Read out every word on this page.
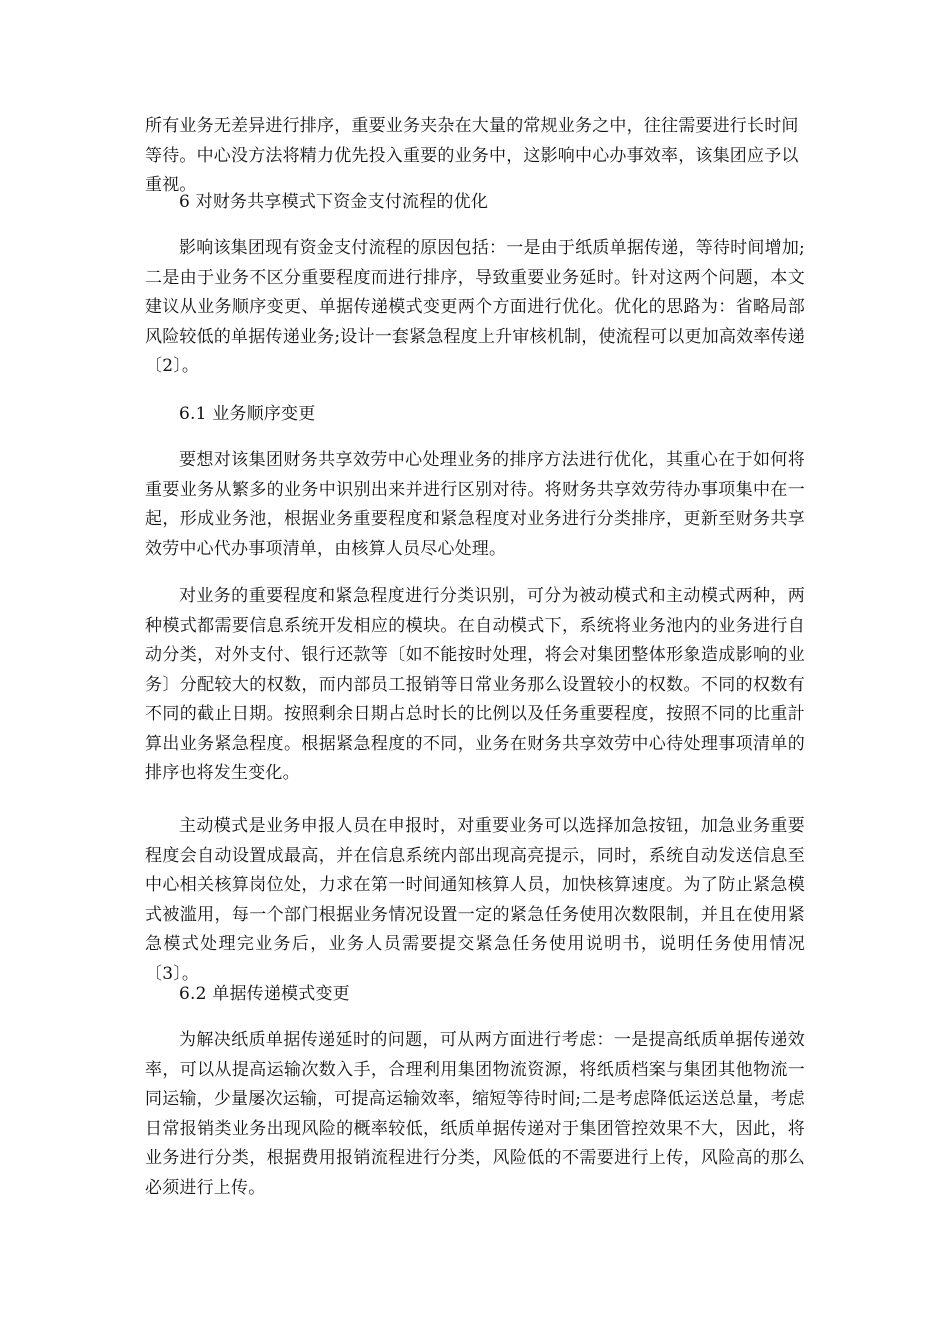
所有业务无差异进行排序，重要业务夹杂在大量的常规业务之中，往往需要进行长时间等待。中心没方法将精力优先投入重要的业务中，这影响中心办事效率，该集团应予以重视。
6 对财务共享模式下资金支付流程的优化
影响该集团现有资金支付流程的原因包括：一是由于纸质单据传递，等待时间增加;二是由于业务不区分重要程度而进行排序，导致重要业务延时。针对这两个问题，本文建议从业务顺序变更、单据传递模式变更两个方面进行优化。优化的思路为：省略局部风险较低的单据传递业务;设计一套紧急程度上升审核机制，使流程可以更加高效率传递〔2〕。
6.1 业务顺序变更
要想对该集团财务共享效劳中心处理业务的排序方法进行优化，其重心在于如何将重要业务从繁多的业务中识别出来并进行区别对待。将财务共享效劳待办事项集中在一起，形成业务池，根据业务重要程度和紧急程度对业务进行分类排序，更新至财务共享效劳中心代办事项清单，由核算人员尽心处理。
对业务的重要程度和紧急程度进行分类识别，可分为被动模式和主动模式两种，两种模式都需要信息系统开发相应的模块。在自动模式下，系统将业务池内的业务进行自动分类，对外支付、银行还款等〔如不能按时处理，将会对集团整体形象造成影响的业务〕分配较大的权数，而内部员工报销等日常业务那么设置较小的权数。不同的权数有不同的截止日期。按照剩余日期占总时长的比例以及任务重要程度，按照不同的比重計算出业务紧急程度。根据紧急程度的不同，业务在财务共享效劳中心待处理事项清单的排序也将发生变化。
主动模式是业务申报人员在申报时，对重要业务可以选择加急按钮，加急业务重要程度会自动设置成最高，并在信息系统内部出现高亮提示，同时，系统自动发送信息至中心相关核算岗位处，力求在第一时间通知核算人员，加快核算速度。为了防止紧急模式被滥用，每一个部门根据业务情况设置一定的紧急任务使用次数限制，并且在使用紧急模式处理完业务后，业务人员需要提交紧急任务使用说明书，说明任务使用情况〔3〕。
6.2 单据传递模式变更
为解决纸质单据传递延时的问题，可从两方面进行考虑：一是提高纸质单据传递效率，可以从提高运输次数入手，合理利用集团物流资源，将纸质档案与集团其他物流一同运输，少量屡次运输，可提高运输效率，缩短等待时间;二是考虑降低运送总量，考虑日常报销类业务出现风险的概率较低，纸质单据传递对于集团管控效果不大，因此，将业务进行分类，根据费用报销流程进行分类，风险低的不需要进行上传，风险高的那么必须进行上传。
